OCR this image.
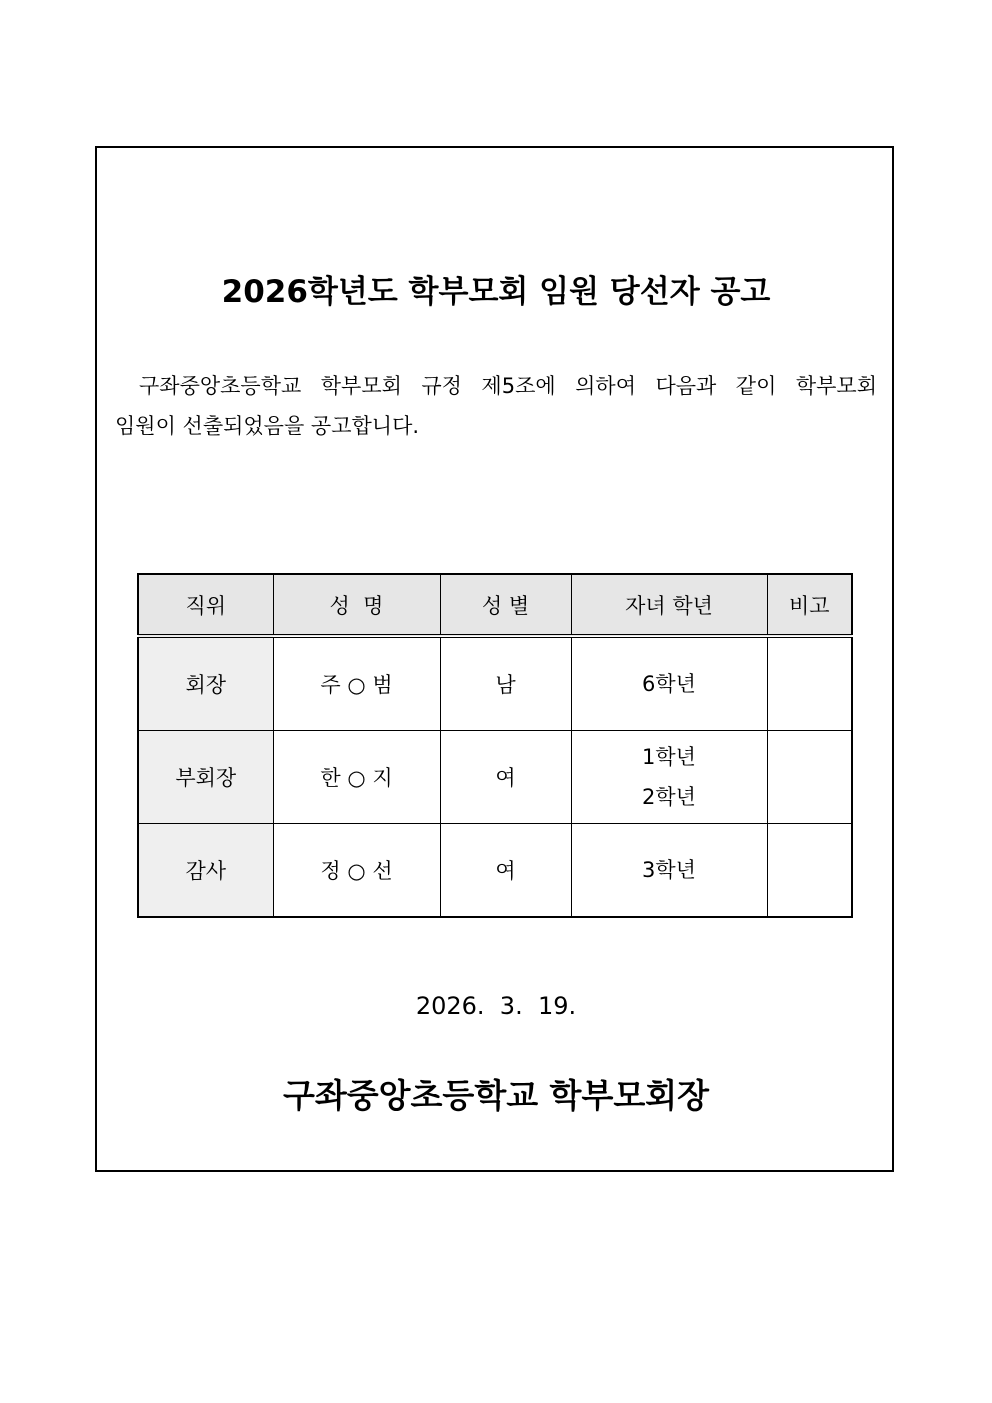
2026학년도 학부모회 임원 당선자 공고
구좌중앙초등학교 학부모회 규정 제5조에 의하여 다음과 같이 학부모회
임원이 선출되었음을 공고합니다.
직위	성  명	성 별	자녀 학년	비고
회장	주 ○ 범	남	6학년	

부회장	한 ○ 지	여	1학년
2학년	

감사	정 ○ 선	여	3학년	

2026.  3.  19.
구좌중앙초등학교 학부모회장
